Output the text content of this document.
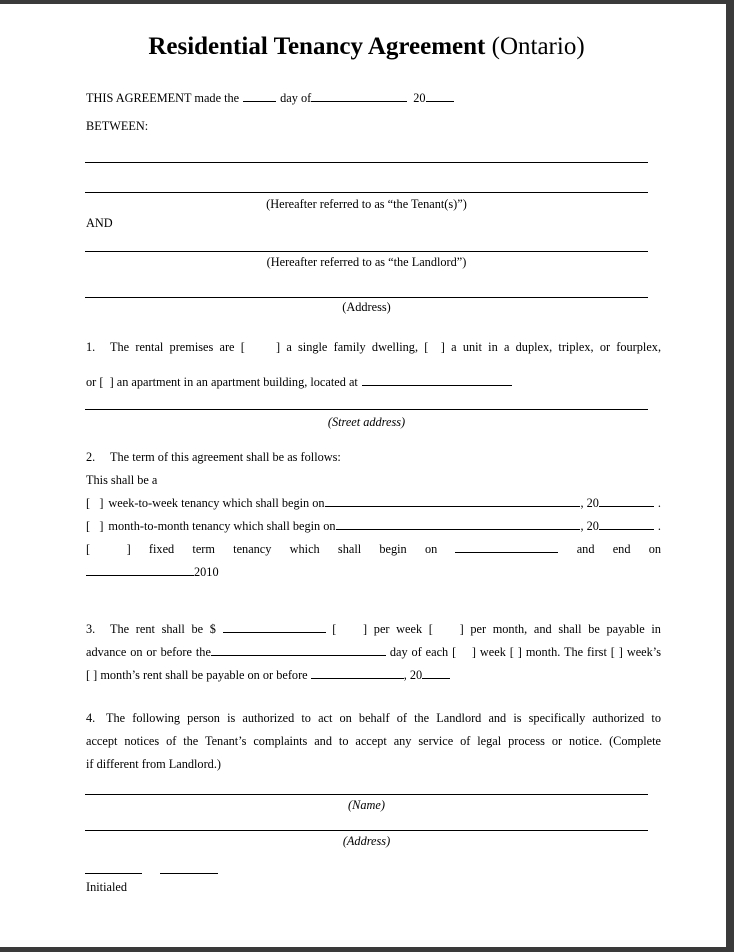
Residential Tenancy Agreement (Ontario)
THIS AGREEMENT made the	day of	20
BETWEEN:
(Hereafter referred to as “the Tenant(s)”)
AND
(Hereafter referred to as “the Landlord”)
(Address)
1. The rental premises are [     ] a single family dwelling, [  ] a unit in a duplex, triplex, or fourplex,
or [  ] an apartment in an apartment building, located at
(Street address)
2. The term of this agreement shall be as follows:
This shall be a
[   ] week-to-week tenancy which shall begin on	, 20	.
[   ] month-to-month tenancy which shall begin on	, 20	.
[  ] fixed term tenancy which shall begin on	and end on
2010
3. The rent shall be $	[    ] per week [    ] per month, and shall be payable in
advance on or before the	day of each [    ] week [ ] month. The first [ ] week’s
[ ] month’s rent shall be payable on or before	, 20
4. The following person is authorized to act on behalf of the Landlord and is specifically authorized to
accept notices of the Tenant’s complaints and to accept any service of legal process or notice. (Complete
if different from Landlord.)
(Name)
(Address)
Initialed
